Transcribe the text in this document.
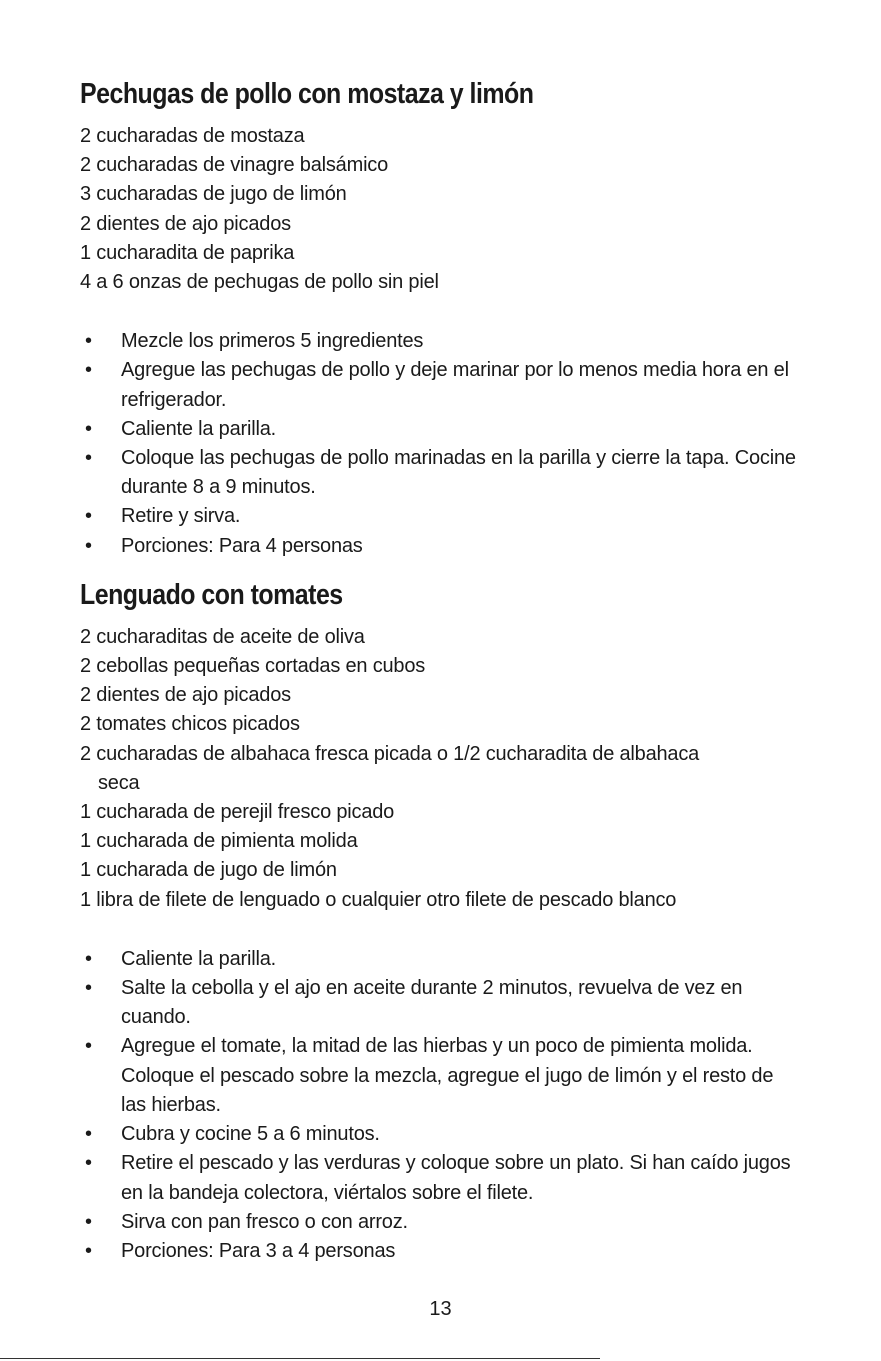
Pechugas de pollo con mostaza y limón
2 cucharadas de mostaza
2 cucharadas de vinagre balsámico
3 cucharadas de jugo de limón
2 dientes de ajo picados
1 cucharadita de paprika
4 a 6 onzas de pechugas de pollo sin piel
• Mezcle los primeros 5 ingredientes
• Agregue las pechugas de pollo y deje marinar por lo menos media hora en el refrigerador.
• Caliente la parilla.
• Coloque las pechugas de pollo marinadas en la parilla y cierre la tapa. Cocine durante 8 a 9 minutos.
• Retire y sirva.
• Porciones: Para 4 personas
Lenguado con tomates
2 cucharaditas de aceite de oliva
2 cebollas pequeñas cortadas en cubos
2 dientes de ajo picados
2 tomates chicos picados
2 cucharadas de albahaca fresca picada o 1/2 cucharadita de albahaca seca
1 cucharada de perejil fresco picado
1 cucharada de pimienta molida
1 cucharada de jugo de limón
1 libra de filete de lenguado o cualquier otro filete de pescado blanco
• Caliente la parilla.
• Salte la cebolla y el ajo en aceite durante 2 minutos, revuelva de vez en cuando.
• Agregue el tomate, la mitad de las hierbas y un poco de pimienta molida. Coloque el pescado sobre la mezcla, agregue el jugo de limón y el resto de las hierbas.
• Cubra y cocine 5 a 6 minutos.
• Retire el pescado y las verduras y coloque sobre un plato. Si han caído jugos en la bandeja colectora, viértalos sobre el filete.
• Sirva con pan fresco o con arroz.
• Porciones: Para 3 a 4 personas
13
